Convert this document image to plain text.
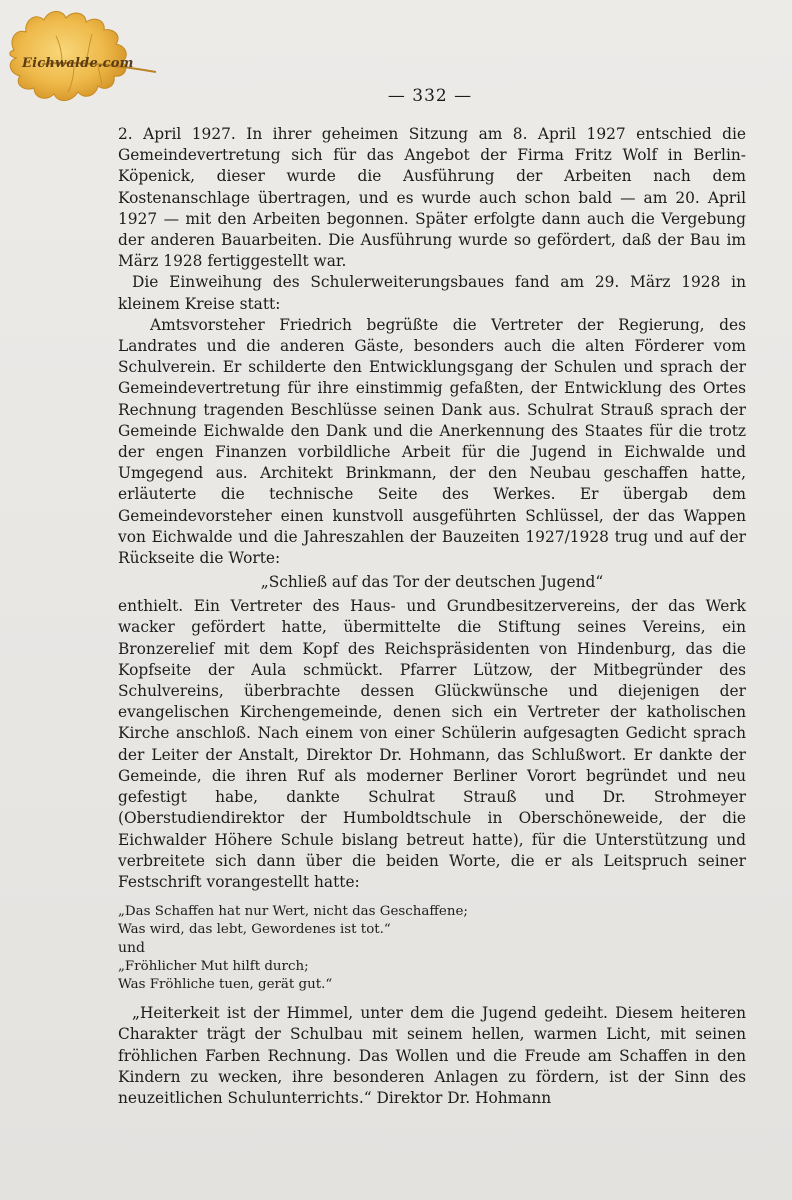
Eichwalde.com
— 332 —

2. April 1927. In ihrer geheimen Sitzung am 8. April 1927 entschied die Gemeindevertretung sich für das Angebot der Firma Fritz Wolf in Berlin-Köpenick, dieser wurde die Ausführung der Arbeiten nach dem Kostenanschlage übertragen, und es wurde auch schon bald — am 20. April 1927 — mit den Arbeiten begonnen. Später erfolgte dann auch die Vergebung der anderen Bauarbeiten. Die Ausführung wurde so gefördert, daß der Bau im März 1928 fertiggestellt war.

Die Einweihung des Schulerweiterungsbaues fand am 29. März 1928 in kleinem Kreise statt:

Amtsvorsteher Friedrich begrüßte die Vertreter der Regierung, des Landrates und die anderen Gäste, besonders auch die alten Förderer vom Schulverein. Er schilderte den Entwicklungsgang der Schulen und sprach der Gemeindevertretung für ihre einstimmig gefaßten, der Entwicklung des Ortes Rechnung tragenden Beschlüsse seinen Dank aus. Schulrat Strauß sprach der Gemeinde Eichwalde den Dank und die Anerkennung des Staates für die trotz der engen Finanzen vorbildliche Arbeit für die Jugend in Eichwalde und Umgegend aus. Architekt Brinkmann, der den Neubau geschaffen hatte, erläuterte die technische Seite des Werkes. Er übergab dem Gemeindevorsteher einen kunstvoll ausgeführten Schlüssel, der das Wappen von Eichwalde und die Jahreszahlen der Bauzeiten 1927/1928 trug und auf der Rückseite die Worte:

„Schließ auf das Tor der deutschen Jugend“

enthielt. Ein Vertreter des Haus- und Grundbesitzervereins, der das Werk wacker gefördert hatte, übermittelte die Stiftung seines Vereins, ein Bronzerelief mit dem Kopf des Reichspräsidenten von Hindenburg, das die Kopfseite der Aula schmückt. Pfarrer Lützow, der Mitbegründer des Schulvereins, überbrachte dessen Glückwünsche und diejenigen der evangelischen Kirchengemeinde, denen sich ein Vertreter der katholischen Kirche anschloß. Nach einem von einer Schülerin aufgesagten Gedicht sprach der Leiter der Anstalt, Direktor Dr. Hohmann, das Schlußwort. Er dankte der Gemeinde, die ihren Ruf als moderner Berliner Vorort begründet und neu gefestigt habe, dankte Schulrat Strauß und Dr. Strohmeyer (Oberstudiendirektor der Humboldtschule in Oberschöneweide, der die Eichwalder Höhere Schule bislang betreut hatte), für die Unterstützung und verbreitete sich dann über die beiden Worte, die er als Leitspruch seiner Festschrift vorangestellt hatte:

„Das Schaffen hat nur Wert, nicht das Geschaffene;

Was wird, das lebt, Gewordenes ist tot.“

und

„Fröhlicher Mut hilft durch;

Was Fröhliche tuen, gerät gut.“

„Heiterkeit ist der Himmel, unter dem die Jugend gedeiht. Diesem heiteren Charakter trägt der Schulbau mit seinem hellen, warmen Licht, mit seinen fröhlichen Farben Rechnung. Das Wollen und die Freude am Schaffen in den Kindern zu wecken, ihre besonderen Anlagen zu fördern, ist der Sinn des neuzeitlichen Schulunterrichts.“ Direktor Dr. Hohmann
